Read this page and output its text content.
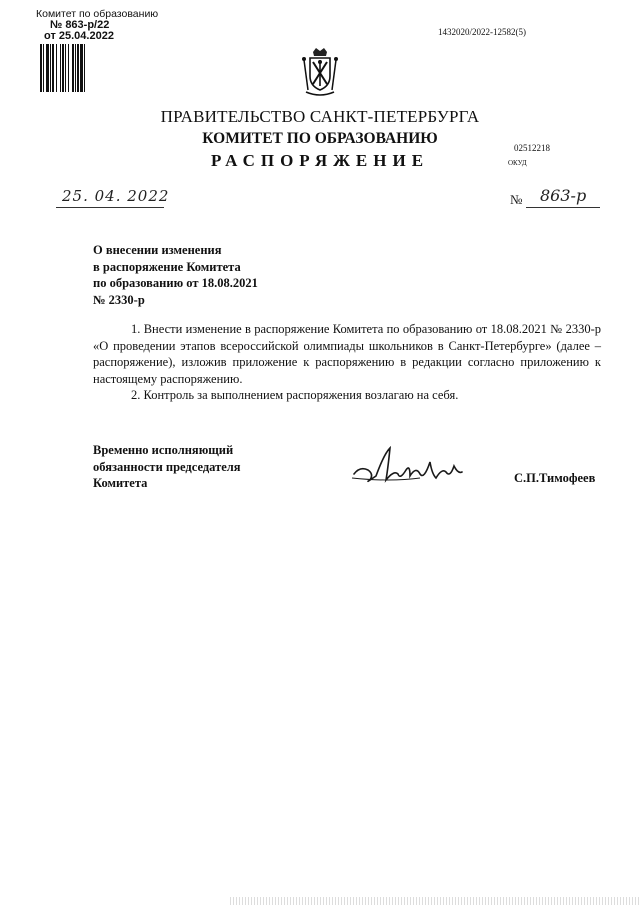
Комитет по образованию
№ 863-р/22
от 25.04.2022	1432020/2022-12582(5)
ПРАВИТЕЛЬСТВО САНКТ-ПЕТЕРБУРГА
КОМИТЕТ ПО ОБРАЗОВАНИЮ
РАСПОРЯЖЕНИЕ
02512218
ОКУД
25. 04. 2022	№ 863-р
О внесении изменения
в распоряжение Комитета
по образованию от 18.08.2021
№ 2330-р
1. Внести изменение в распоряжение Комитета по образованию от 18.08.2021 № 2330-р «О проведении этапов всероссийской олимпиады школьников в Санкт-Петербурге» (далее – распоряжение), изложив приложение к распоряжению в редакции согласно приложению к настоящему распоряжению.
2. Контроль за выполнением распоряжения возлагаю на себя.
Временно исполняющий
обязанности председателя
Комитета	С.П.Тимофеев
